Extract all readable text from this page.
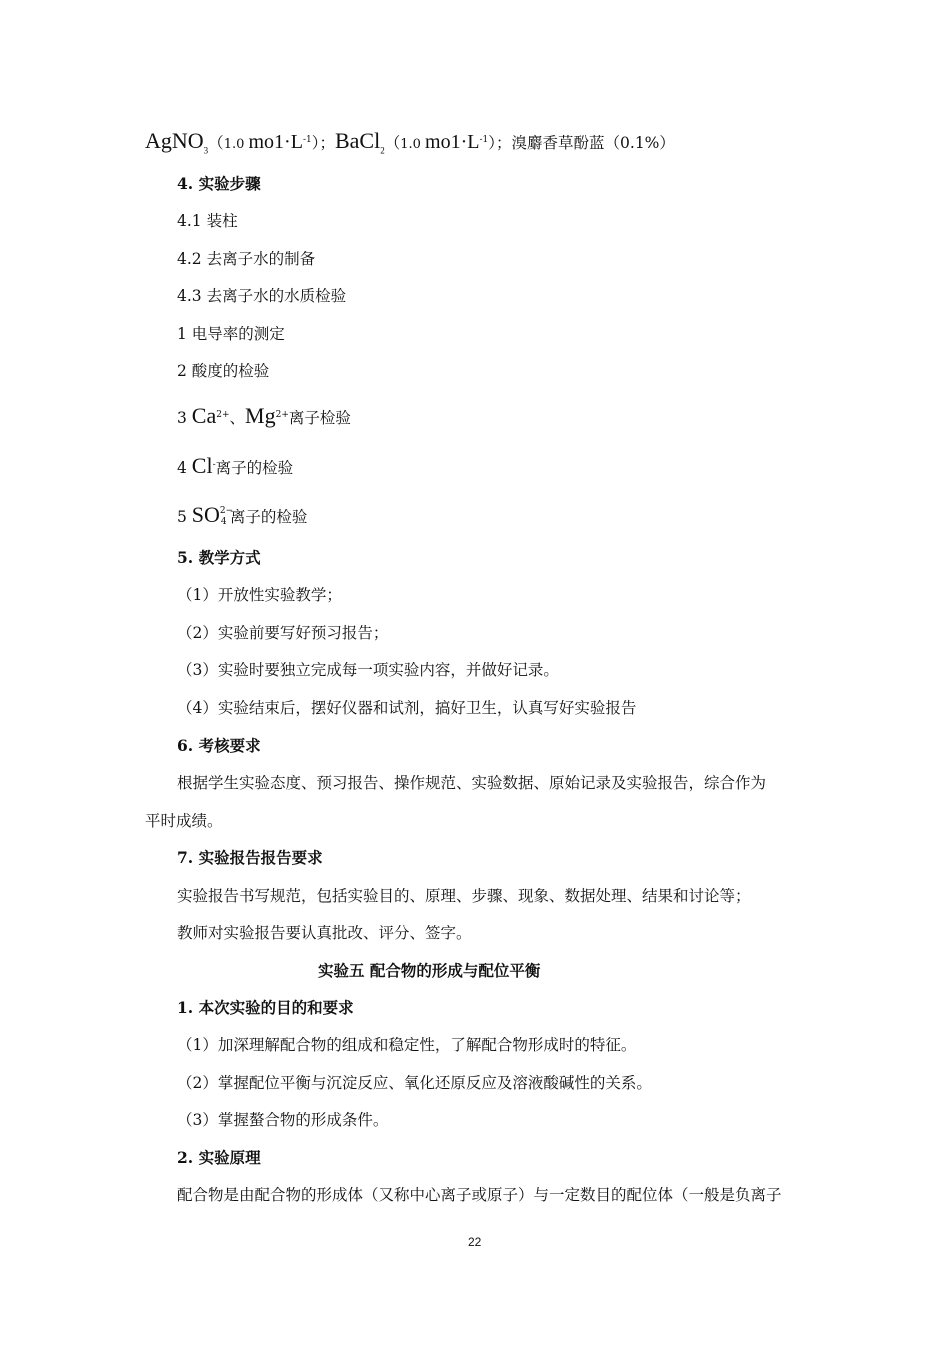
AgNO$_3$（1.0 $mo1\cdot L^{-1}$）；BaCl$_2$（1.0 $mo1\cdot L^{-1}$）；溴麝香草酚蓝（0.1%）
4. 实验步骤
4.1 装柱
4.2 去离子水的制备
4.3 去离子水的水质检验
1 电导率的测定
2 酸度的检验
3 $Ca^{2+}$、$Mg^{2+}$离子检验
4 Cl-离子的检验
5 SO 2−
4 离子的检验
5. 教学方式
（1）开放性实验教学；
（2）实验前要写好预习报告；
（3）实验时要独立完成每一项实验内容，并做好记录。
（4）实验结束后，摆好仪器和试剂，搞好卫生，认真写好实验报告
6. 考核要求
根据学生实验态度、预习报告、操作规范、实验数据、原始记录及实验报告，综合作为
平时成绩。
7. 实验报告报告要求
实验报告书写规范，包括实验目的、原理、步骤、现象、数据处理、结果和讨论等；
教师对实验报告要认真批改、评分、签字。
实验五 配合物的形成与配位平衡
1. 本次实验的目的和要求
（1）加深理解配合物的组成和稳定性，了解配合物形成时的特征。
（2）掌握配位平衡与沉淀反应、氧化还原反应及溶液酸碱性的关系。
（3）掌握螯合物的形成条件。
2. 实验原理
配合物是由配合物的形成体（又称中心离子或原子）与一定数目的配位体（一般是负离子
22
